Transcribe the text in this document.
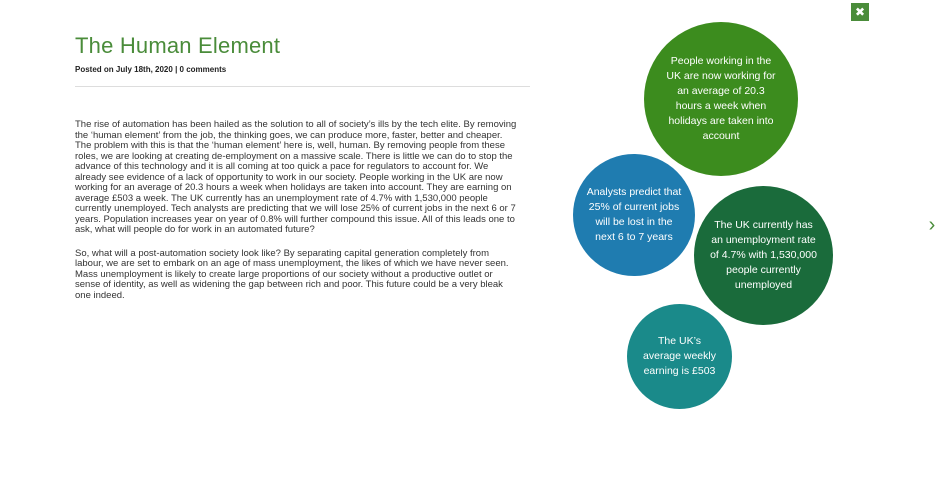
✖
›
The Human Element
Posted on July 18th, 2020 | 0 comments

The rise of automation has been hailed as the solution to all of society’s ills by the tech elite. By removing the ‘human element’ from the job, the thinking goes, we can produce more, faster, better and cheaper. The problem with this is that the ‘human element’ here is, well, human. By removing people from these roles, we are looking at creating de-employment on a massive scale. There is little we can do to stop the advance of this technology and it is all coming at too quick a pace for regulators to account for. We already see evidence of a lack of opportunity to work in our society. People working in the UK are now working for an average of 20.3 hours a week when holidays are taken into account. They are earning on average £503 a week. The UK currently has an unemployment rate of 4.7% with 1,530,000 people currently unemployed. Tech analysts are predicting that we will lose 25% of current jobs in the next 6 or 7 years. Population increases year on year of 0.8% will further compound this issue. All of this leads one to ask, what will people do for work in an automated future?

So, what will a post-automation society look like? By separating capital generation completely from labour, we are set to embark on an age of mass unemployment, the likes of which we have never seen. Mass unemployment is likely to create large proportions of our society without a productive outlet or sense of identity, as well as widening the gap between rich and poor. This future could be a very bleak one indeed.

People working in the UK are now working for an average of 20.3 hours a week when holidays are taken into account
Analysts predict that 25% of current jobs will be lost in the next 6 to 7 years
The UK currently has an unemployment rate of 4.7% with 1,530,000 people currently unemployed
The UK’s average weekly earning is £503
